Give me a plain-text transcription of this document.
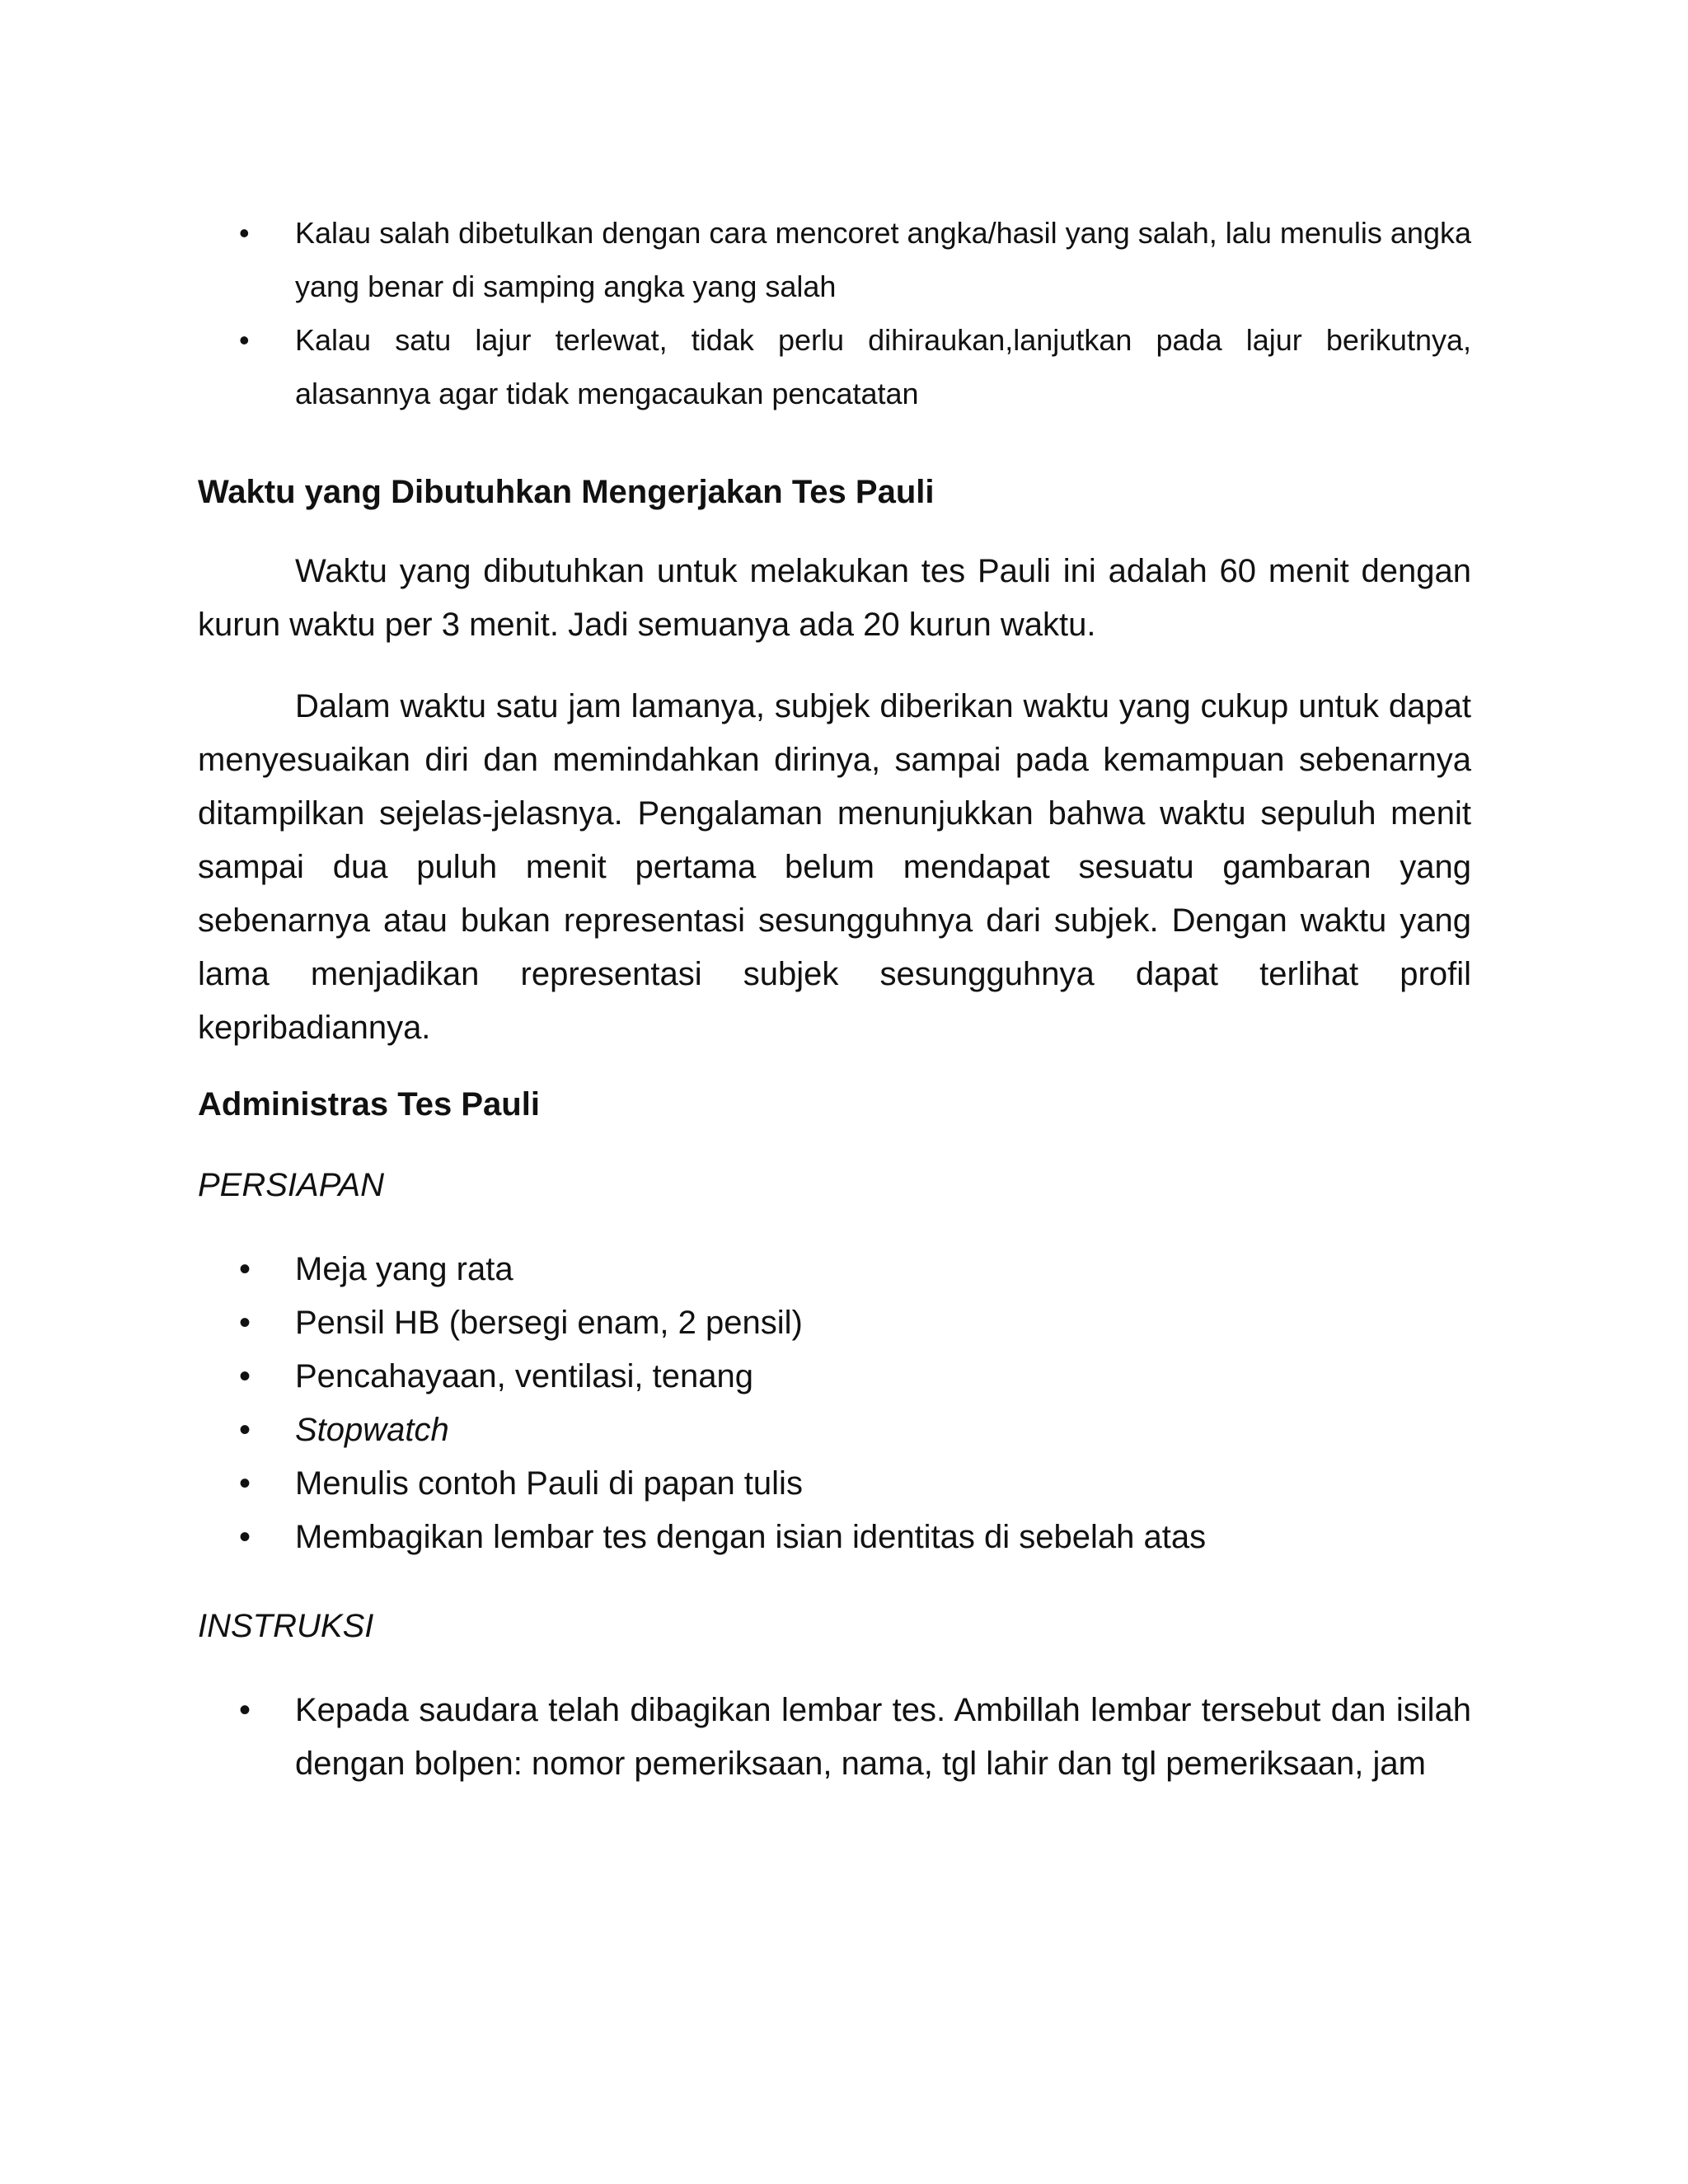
• Kalau salah dibetulkan dengan cara mencoret angka/hasil yang salah, lalu menulis angka yang benar di samping angka yang salah
• Kalau satu lajur terlewat, tidak perlu dihiraukan,lanjutkan pada lajur berikutnya, alasannya agar tidak mengacaukan pencatatan
Waktu yang Dibutuhkan Mengerjakan Tes Pauli

Waktu yang dibutuhkan untuk melakukan tes Pauli ini adalah 60 menit dengan kurun waktu per 3 menit. Jadi semuanya ada 20 kurun waktu.

Dalam waktu satu jam lamanya, subjek diberikan waktu yang cukup untuk dapat menyesuaikan diri dan memindahkan dirinya, sampai pada kemampuan sebenarnya ditampilkan sejelas-jelasnya. Pengalaman menunjukkan bahwa waktu sepuluh menit sampai dua puluh menit pertama belum mendapat sesuatu gambaran yang sebenarnya atau bukan representasi sesungguhnya dari subjek. Dengan waktu yang lama menjadikan representasi subjek sesungguhnya dapat terlihat profil kepribadiannya.

Administras Tes Pauli

PERSIAPAN

• Meja yang rata
• Pensil HB (bersegi enam, 2 pensil)
• Pencahayaan, ventilasi, tenang
• Stopwatch
• Menulis contoh Pauli di papan tulis
• Membagikan lembar tes dengan isian identitas di sebelah atas

INSTRUKSI

• Kepada saudara telah dibagikan lembar tes. Ambillah lembar tersebut dan isilah dengan bolpen: nomor pemeriksaan, nama, tgl lahir dan tgl pemeriksaan, jam
